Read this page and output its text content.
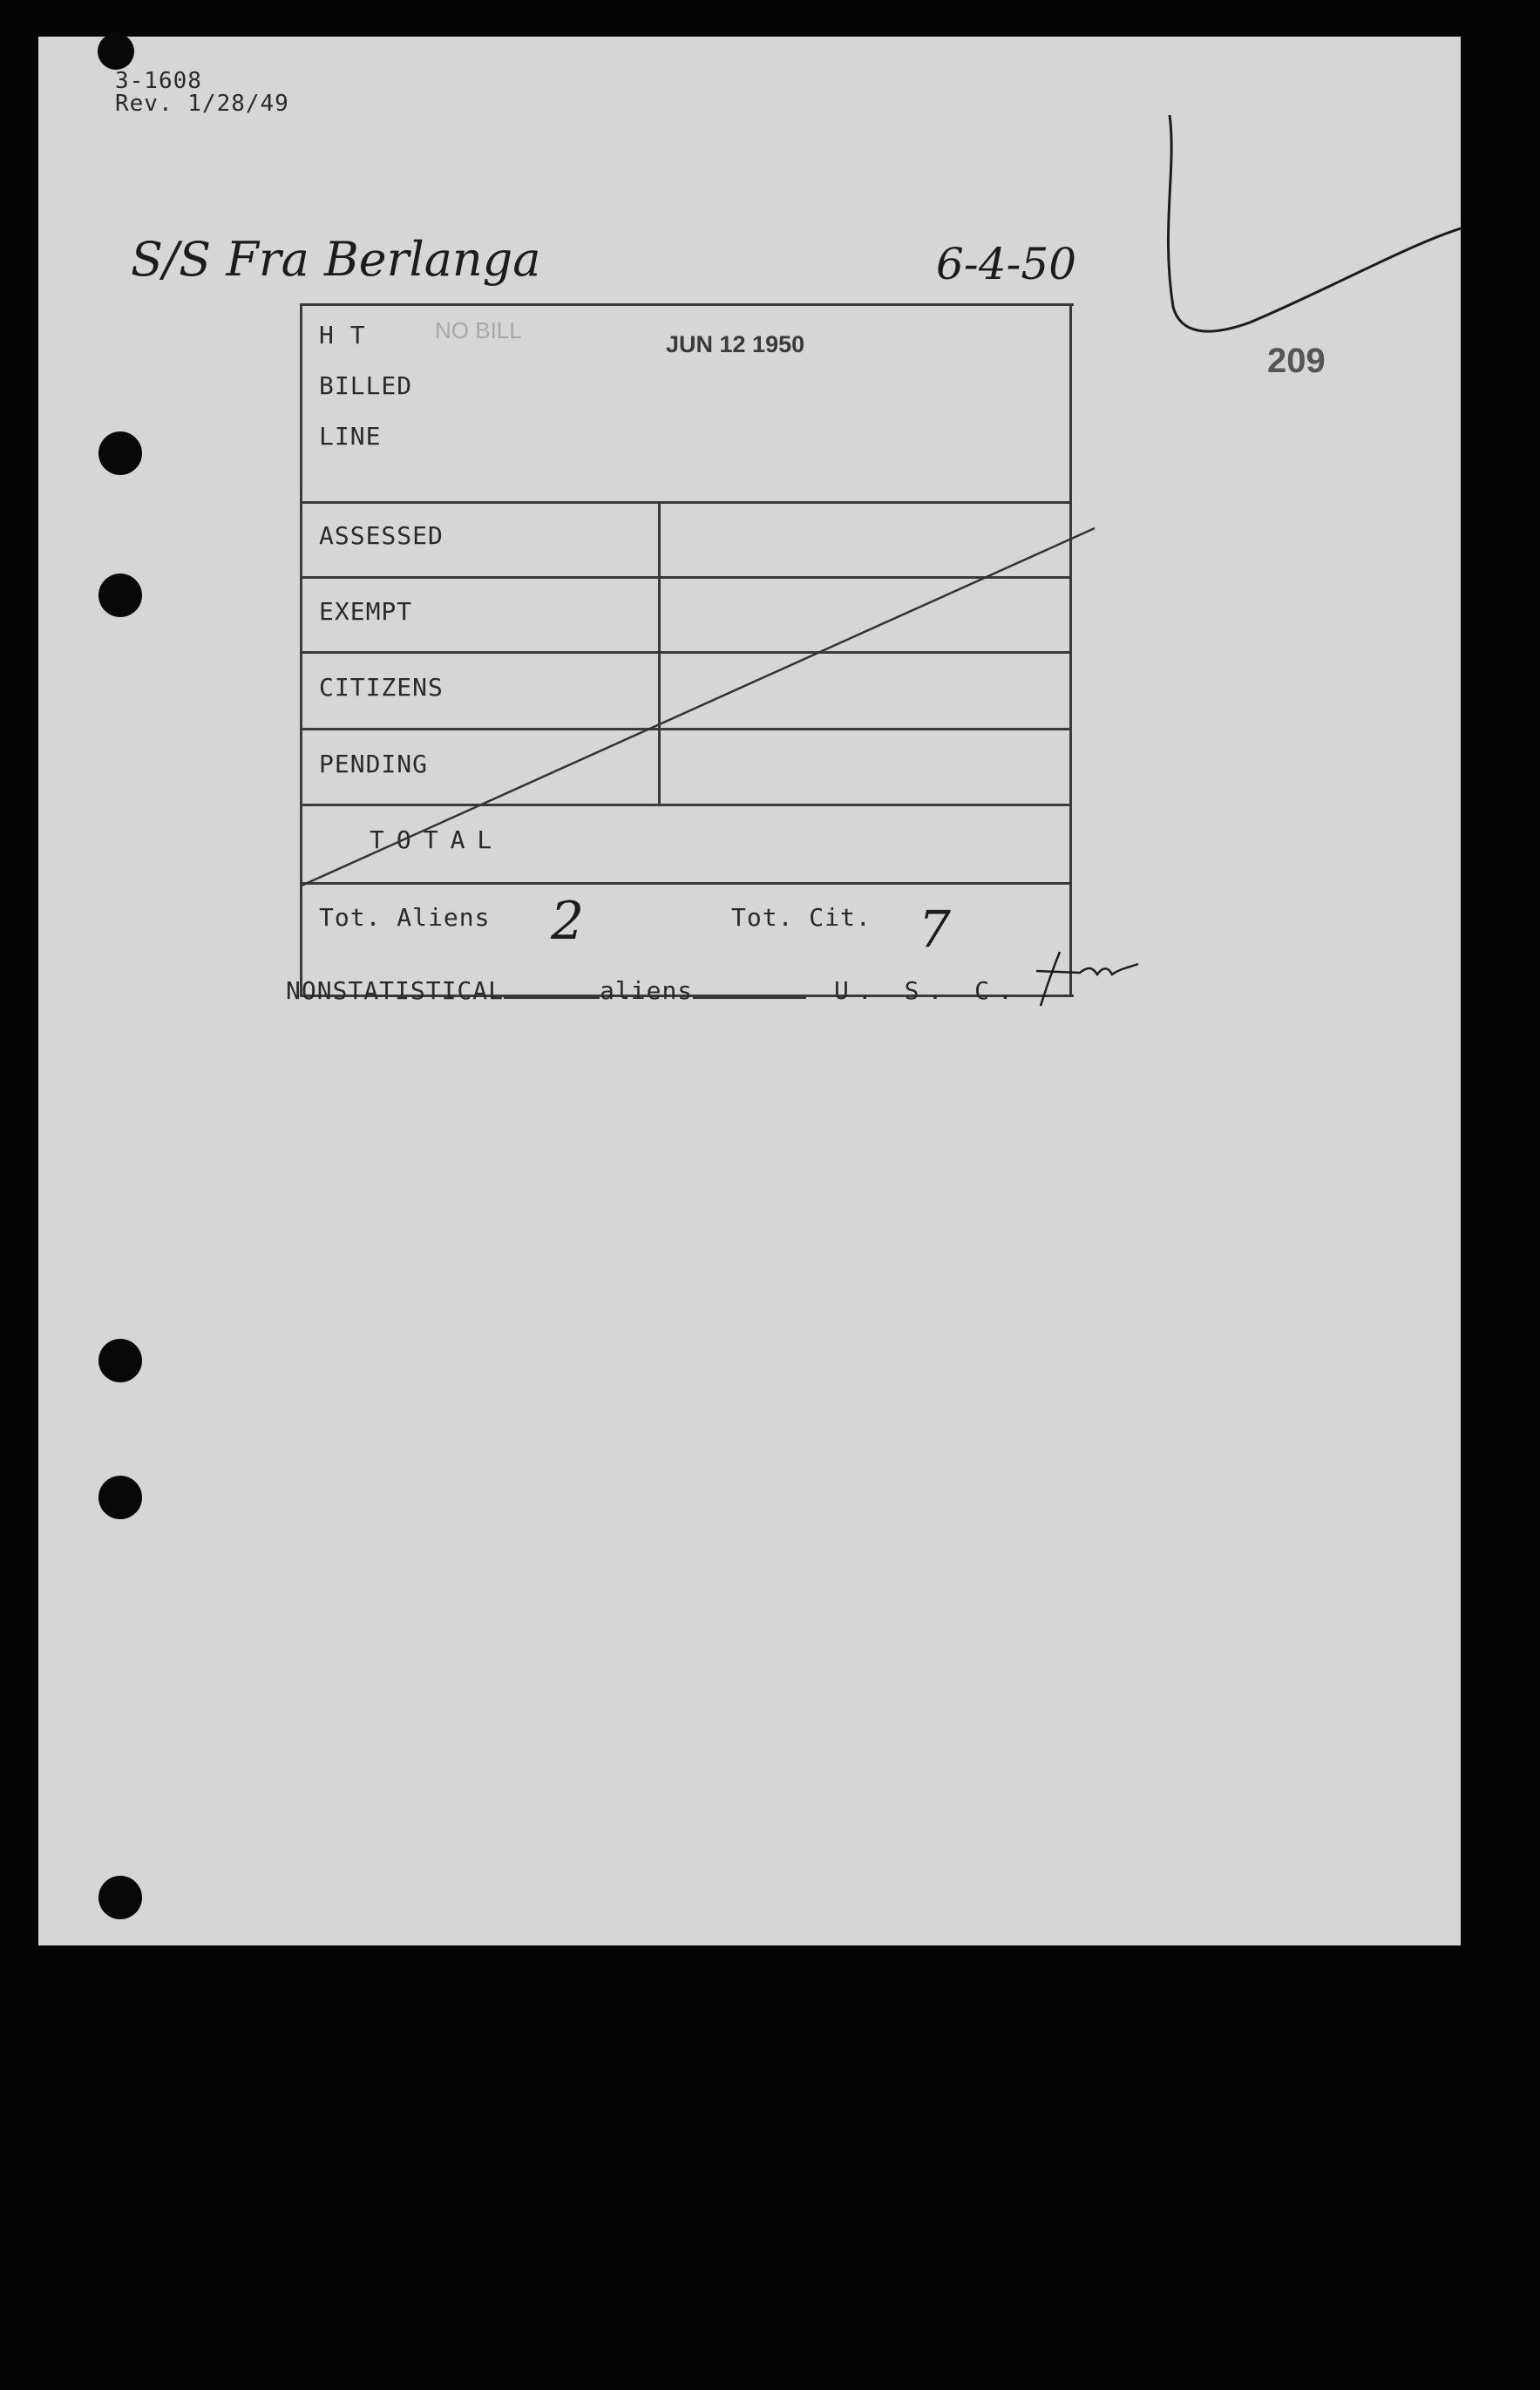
3-1608
Rev. 1/28/49
S/S Fra Berlanga	6-4-50
NO BILL
JUN 12 1950	209
H T
BILLED
LINE
ASSESSED
EXEMPT
CITIZENS
PENDING
TOTAL
Tot. Aliens 2	Tot. Cit. 7
NONSTATISTICAL	aliens	U. S. C.
